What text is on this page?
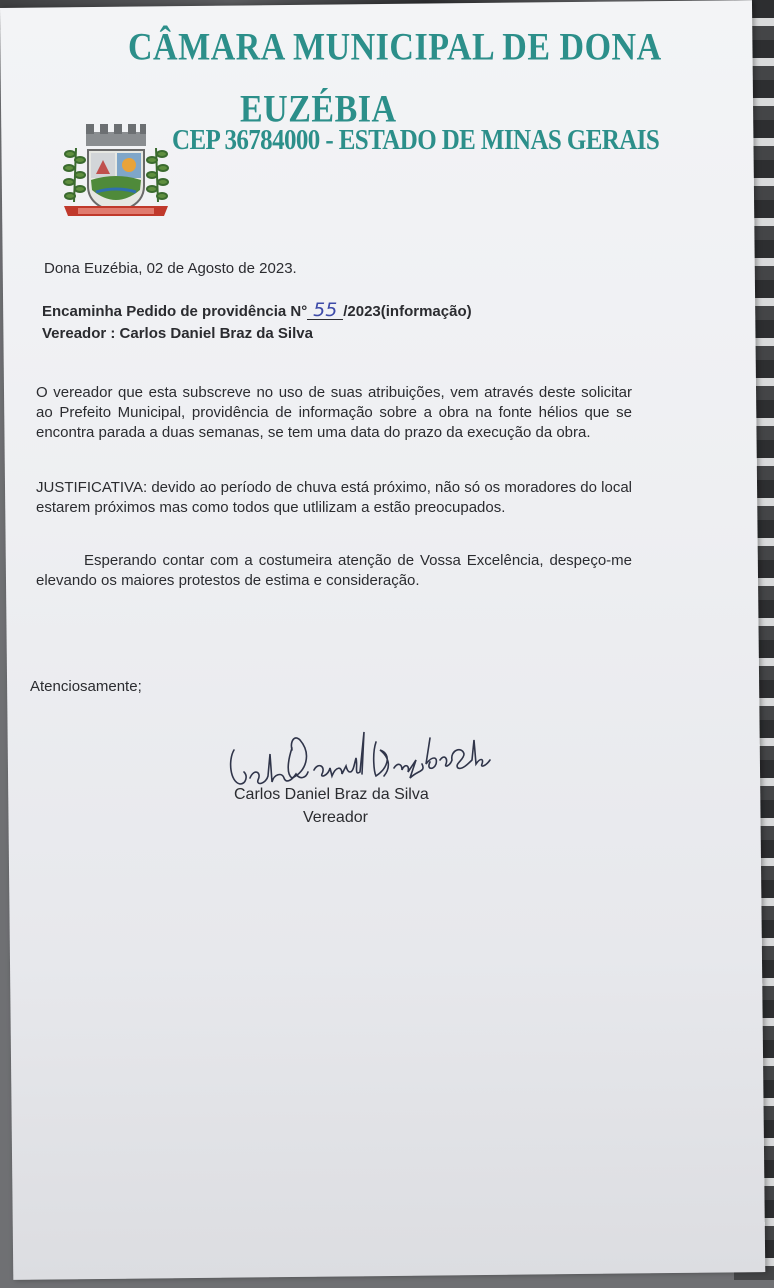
CÂMARA MUNICIPAL DE DONA
EUZÉBIA
CEP 36784000 - ESTADO DE MINAS GERAIS
Dona Euzébia, 02 de Agosto de 2023.
Encaminha Pedido de providência N° 55 /2023(informação)
Vereador : Carlos Daniel Braz da Silva
O vereador que esta subscreve no uso de suas atribuições, vem através deste solicitar ao Prefeito Municipal, providência de informação sobre a obra na fonte hélios que se encontra parada a duas semanas, se tem uma data do prazo da execução da obra.
JUSTIFICATIVA: devido ao período de chuva está próximo, não só os moradores do local estarem próximos mas como todos que utlilizam a estão preocupados.
Esperando contar com a costumeira atenção de Vossa Excelência, despeço-me elevando os maiores protestos de estima e consideração.
Atenciosamente;
Carlos Daniel Braz da Silva
Vereador
